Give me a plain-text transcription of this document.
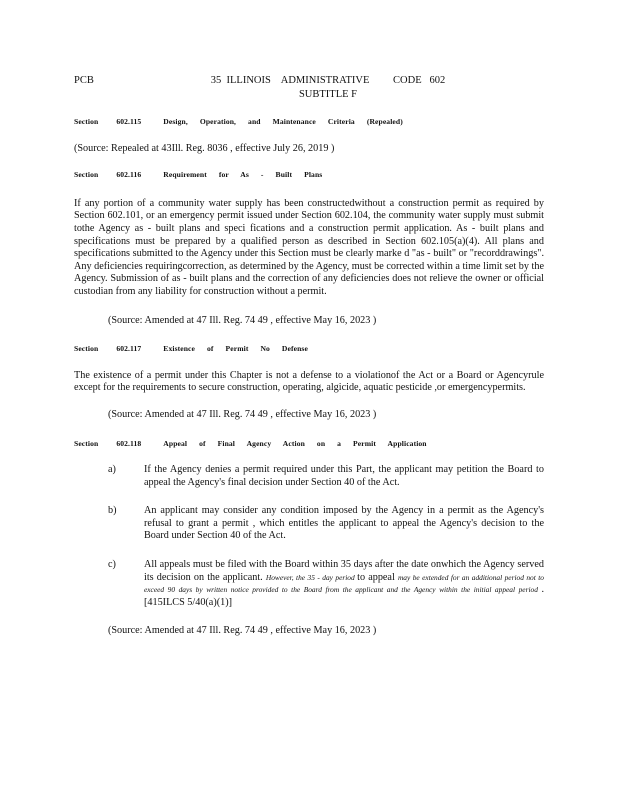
PCB	35  ILLINOIS    ADMINISTRATIVE         CODE   602
SUBTITLE F
Section 602.115	Design, Operation, and Maintenance Criteria (Repealed)

(Source: Repealed at 43Ill. Reg. 8036 , effective July 26, 2019 )

Section 602.116	Requirement for As - Built Plans

If any portion of a community water supply has been constructedwithout a construction permit as required by Section 602.101, or an emergency permit issued under Section 602.104, the community water supply must submit tothe Agency as - built plans and speci fications and a construction permit application. As - built plans and specifications must be prepared by a qualified person as described in Section 602.105(a)(4). All plans and specifications submitted to the Agency under this Section must be clearly marke d "as - built" or "recorddrawings". Any deficiencies requiringcorrection, as determined by the Agency, must be corrected within a time limit set by the Agency. Submission of as - built plans and the correction of any deficiencies does not relieve the owner or official custodian from any liability for construction without a permit.

(Source: Amended at 47 Ill. Reg. 74 49 , effective May 16, 2023 )

Section 602.117	Existence of Permit No Defense

The existence of a permit under this Chapter is not a defense to a violationof the Act or a Board or Agencyrule except for the requirements to secure construction, operating, algicide, aquatic pesticide ,or emergencypermits.

(Source: Amended at 47 Ill. Reg. 74 49 , effective May 16, 2023 )

Section 602.118	Appeal of Final Agency Action on a Permit Application
a)	If the Agency denies a permit required under this Part, the applicant may petition the Board to appeal the Agency's final decision under Section 40 of the Act.
b)	An applicant may consider any condition imposed by the Agency in a permit as the Agency's refusal to grant a permit , which entitles the applicant to appeal the Agency's decision to the Board under Section 40 of the Act.
c)	All appeals must be filed with the Board within 35 days after the date onwhich the Agency served its decision on the applicant. However, the 35 - day period to appeal may be extended for an additional period not to exceed 90 days by written notice provided to the Board from the applicant and the Agency within the initial appeal period .[415ILCS 5/40(a)(1)]

(Source: Amended at 47 Ill. Reg. 74 49 , effective May 16, 2023 )
